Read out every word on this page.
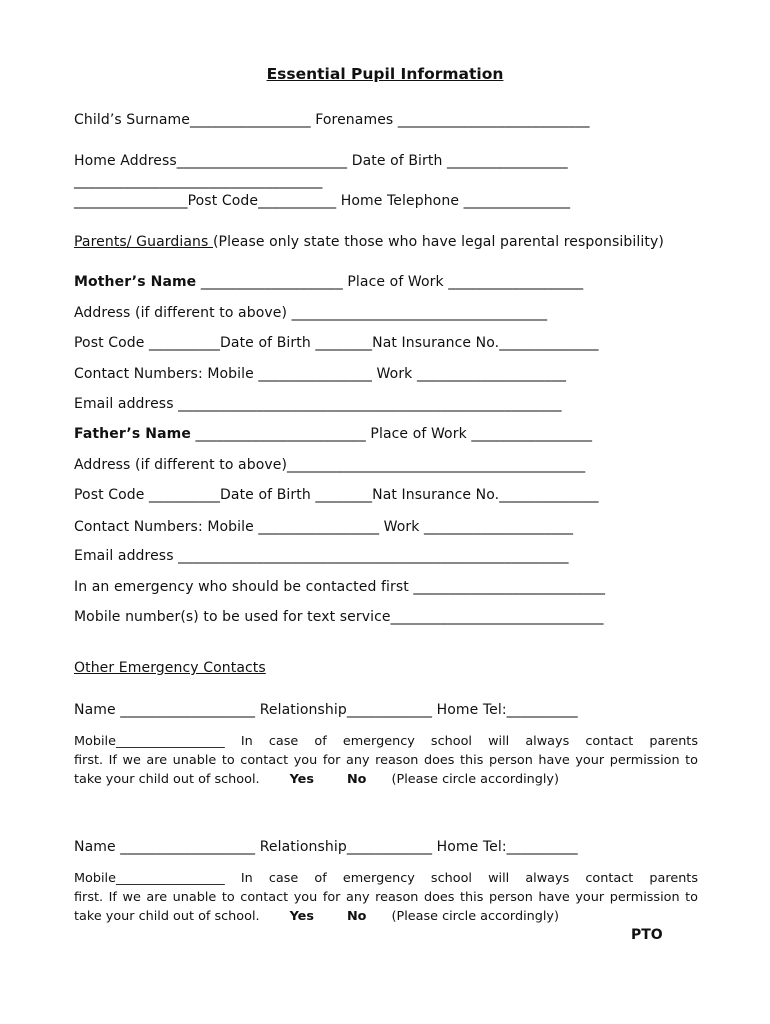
Essential Pupil Information
Child’s Surname_________________ Forenames ___________________________
Home Address________________________ Date of Birth _________________
___________________________________
________________Post Code___________ Home Telephone _______________
Parents/ Guardians (Please only state those who have legal parental responsibility)
Mother’s Name ____________________ Place of Work ___________________
Address (if different to above) ____________________________________
Post Code __________Date of Birth ________Nat Insurance No.______________
Contact Numbers: Mobile ________________ Work _____________________
Email address ______________________________________________________
Father’s Name ________________________ Place of Work _________________
Address (if different to above)__________________________________________
Post Code __________Date of Birth ________Nat Insurance No.______________
Contact Numbers: Mobile _________________ Work _____________________
Email address _______________________________________________________
In an emergency who should be contacted first ___________________________
Mobile number(s) to be used for text service______________________________
Other Emergency Contacts
Name ___________________ Relationship____________ Home Tel:__________
Mobile_________________ In case of emergency school will always contact parents
first. If we are unable to contact you for any reason does this person have your permission to
take your child out of school. Yes	No (Please circle accordingly)
Name ___________________ Relationship____________ Home Tel:__________
Mobile_________________ In case of emergency school will always contact parents
first. If we are unable to contact you for any reason does this person have your permission to
take your child out of school. Yes	No (Please circle accordingly)
PTO
